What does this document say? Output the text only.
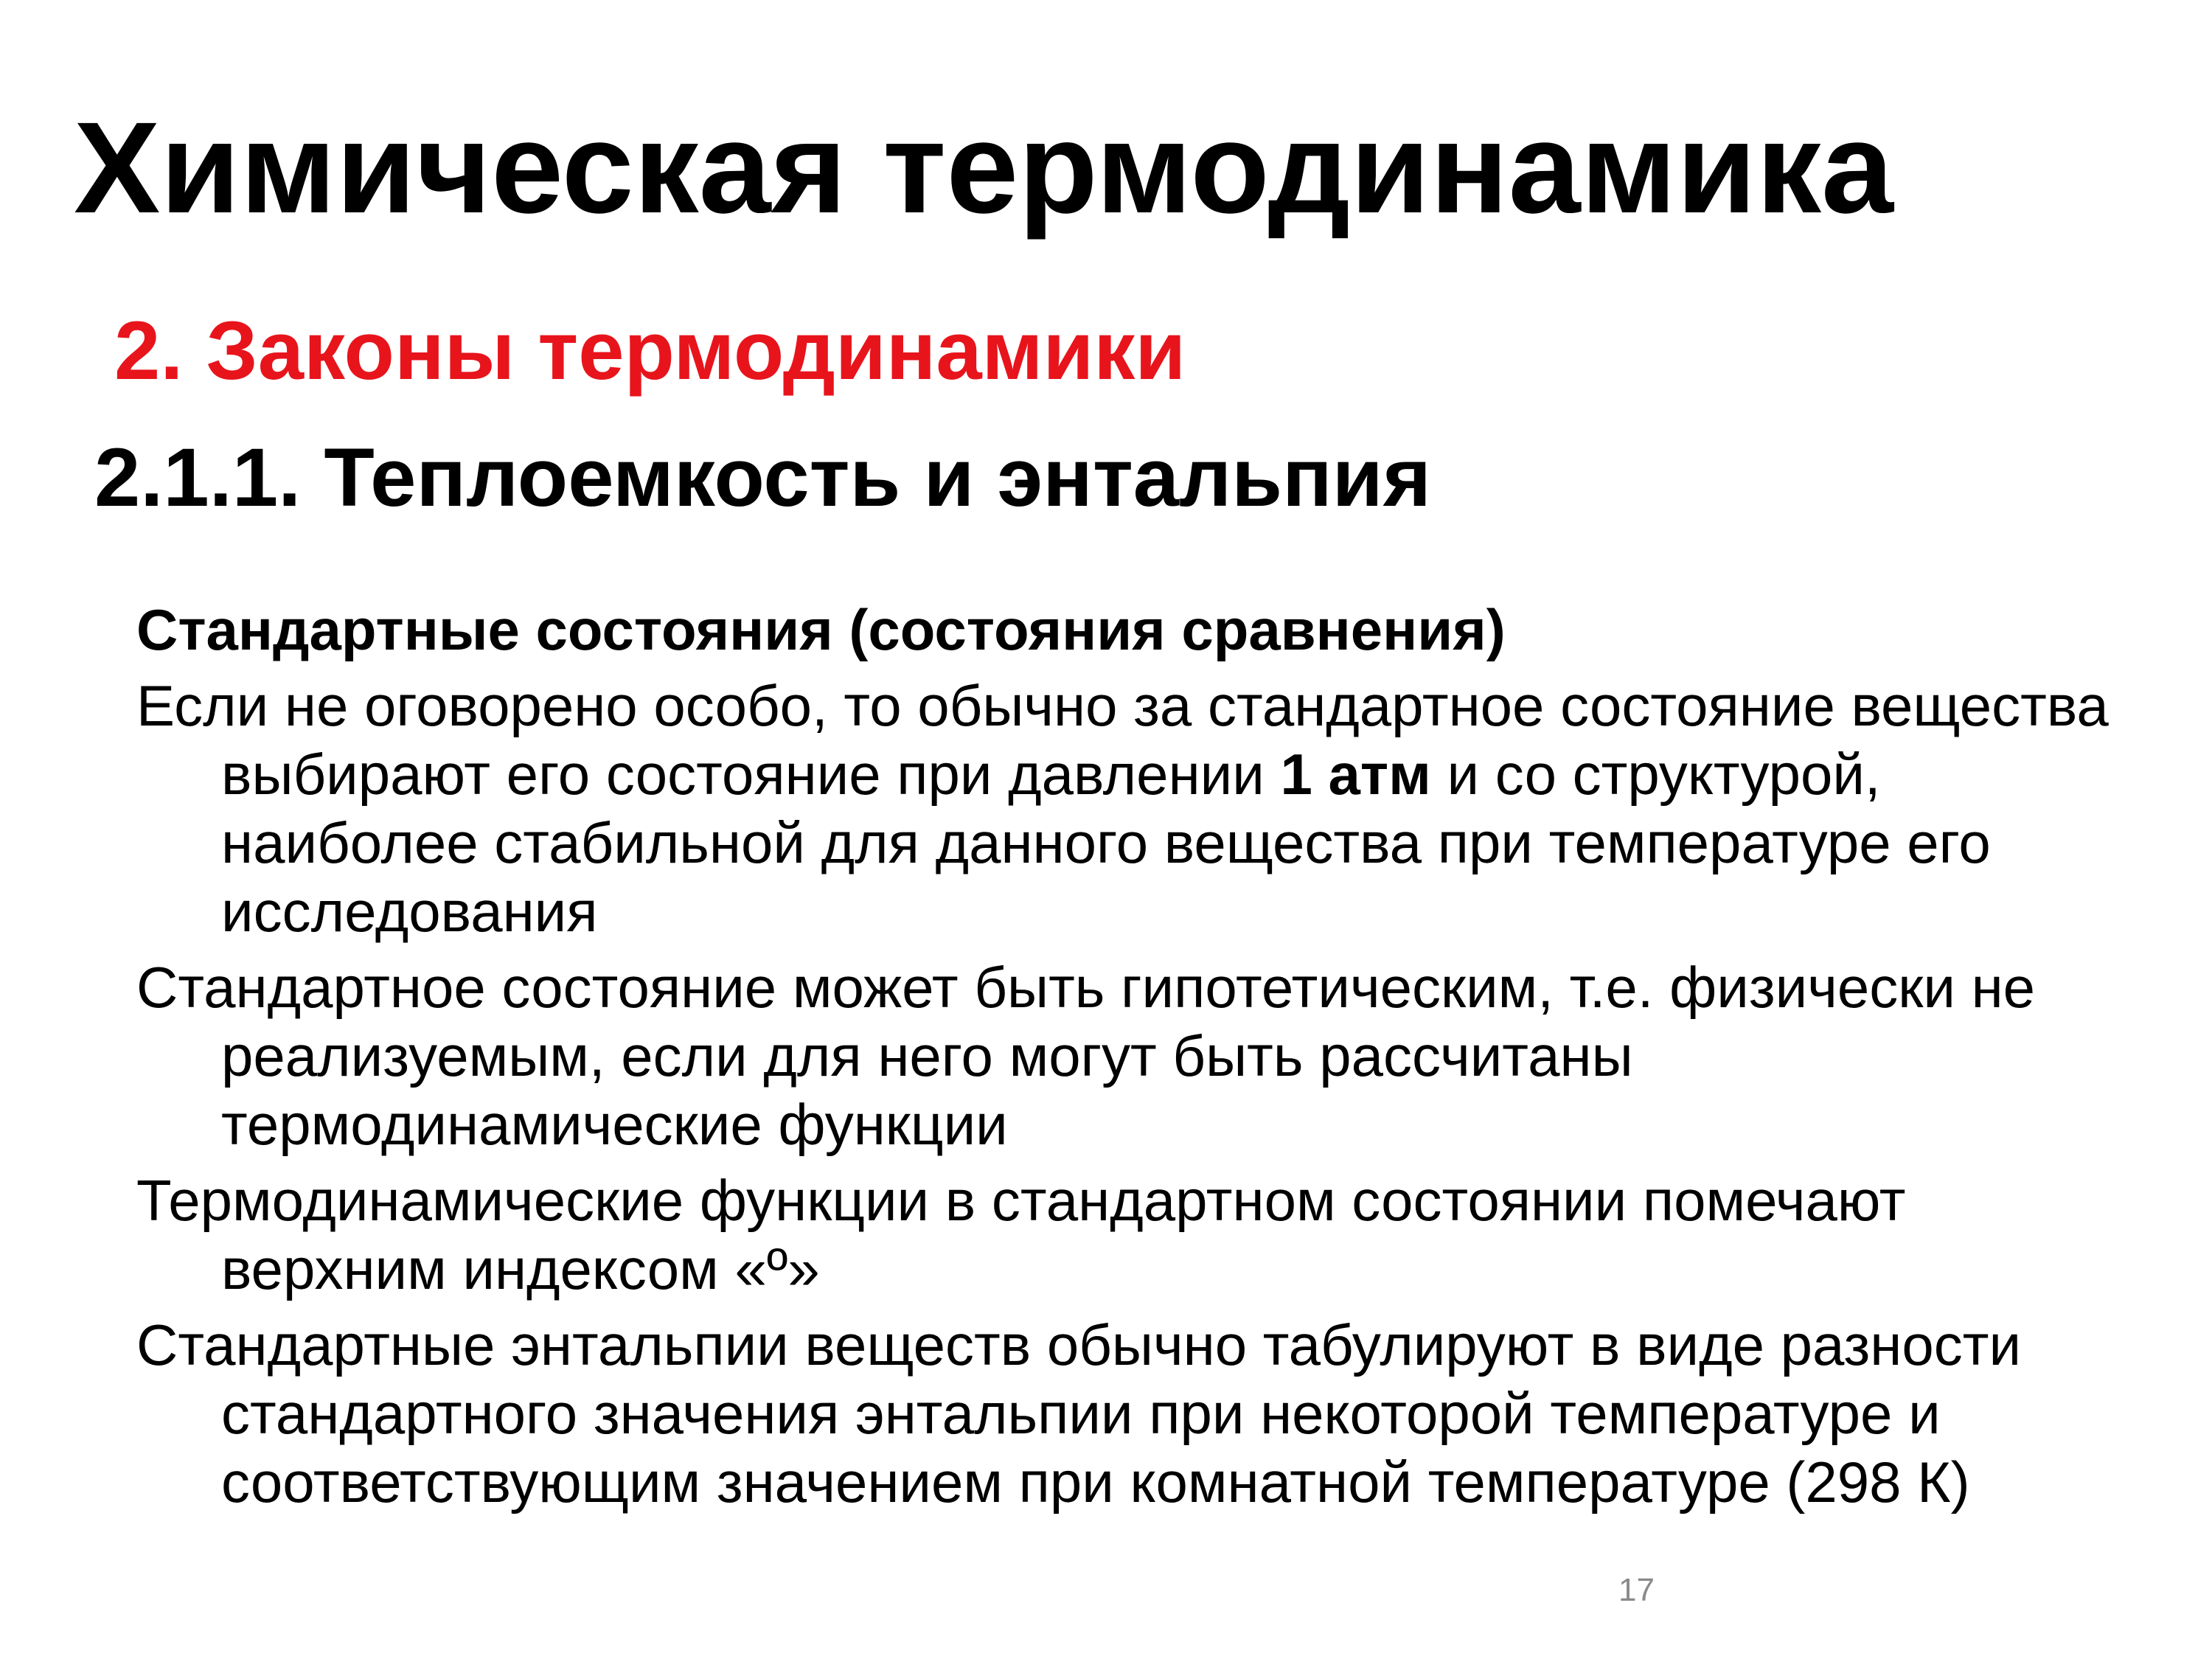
Химическая термодинамика
2. Законы термодинамики
2.1.1. Теплоемкость и энтальпия

Стандартные состояния (состояния сравнения)

Если не оговорено особо, то обычно за стандартное состояние вещества выбирают его состояние при давлении 1 атм и со структурой, наиболее стабильной для данного вещества при температуре его исследования

Стандартное состояние может быть гипотетическим, т.е. физически не реализуемым, если для него могут быть рассчитаны термодинамические функции

Термодинамические функции в стандартном состоянии помечают верхним индексом «º»

Стандартные энтальпии веществ обычно табулируют в виде разности стандартного значения энтальпии при некоторой температуре и соответствующим значением при комнатной температуре (298 К)

17
